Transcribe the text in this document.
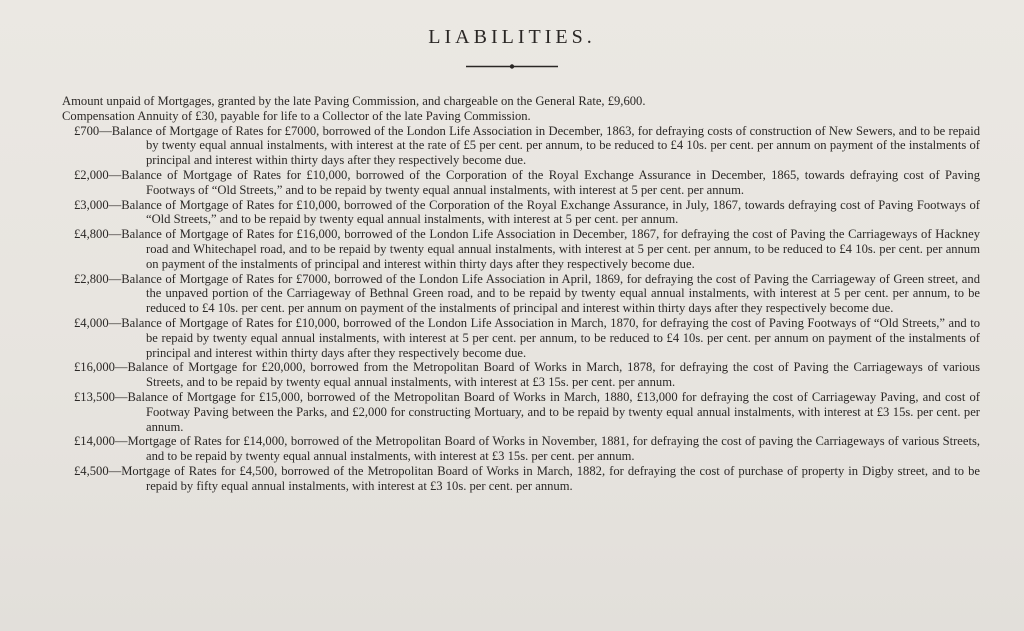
LIABILITIES.

Amount unpaid of Mortgages, granted by the late Paving Commission, and chargeable on the General Rate, £9,600.

Compensation Annuity of £30, payable for life to a Collector of the late Paving Commission.

£700—Balance of Mortgage of Rates for £7000, borrowed of the London Life Association in December, 1863, for defraying costs of construction of New Sewers, and to be repaid by twenty equal annual instalments, with interest at the rate of £5 per cent. per annum, to be reduced to £4 10s. per cent. per annum on payment of the instalments of principal and interest within thirty days after they respectively become due.

£2,000—Balance of Mortgage of Rates for £10,000, borrowed of the Corporation of the Royal Exchange Assurance in December, 1865, towards defraying cost of Paving Footways of “Old Streets,” and to be repaid by twenty equal annual instalments, with interest at 5 per cent. per annum.

£3,000—Balance of Mortgage of Rates for £10,000, borrowed of the Corporation of the Royal Exchange Assurance, in July, 1867, towards defraying cost of Paving Footways of “Old Streets,” and to be repaid by twenty equal annual instalments, with interest at 5 per cent. per annum.

£4,800—Balance of Mortgage of Rates for £16,000, borrowed of the London Life Association in December, 1867, for defraying the cost of Paving the Carriageways of Hackney road and Whitechapel road, and to be repaid by twenty equal annual instalments, with interest at 5 per cent. per annum, to be reduced to £4 10s. per cent. per annum on payment of the instalments of principal and interest within thirty days after they respectively become due.

£2,800—Balance of Mortgage of Rates for £7000, borrowed of the London Life Association in April, 1869, for defraying the cost of Paving the Carriageway of Green street, and the unpaved portion of the Carriageway of Bethnal Green road, and to be repaid by twenty equal annual instalments, with interest at 5 per cent. per annum, to be reduced to £4 10s. per cent. per annum on payment of the instalments of principal and interest within thirty days after they respectively become due.

£4,000—Balance of Mortgage of Rates for £10,000, borrowed of the London Life Association in March, 1870, for defraying the cost of Paving Footways of “Old Streets,” and to be repaid by twenty equal annual instalments, with interest at 5 per cent. per annum, to be reduced to £4 10s. per cent. per annum on payment of the instalments of principal and interest within thirty days after they respectively become due.

£16,000—Balance of Mortgage for £20,000, borrowed from the Metropolitan Board of Works in March, 1878, for defraying the cost of Paving the Carriageways of various Streets, and to be repaid by twenty equal annual instalments, with interest at £3 15s. per cent. per annum.

£13,500—Balance of Mortgage for £15,000, borrowed of the Metropolitan Board of Works in March, 1880, £13,000 for defraying the cost of Carriageway Paving, and cost of Footway Paving between the Parks, and £2,000 for constructing Mortuary, and to be repaid by twenty equal annual instalments, with interest at £3 15s. per cent. per annum.

£14,000—Mortgage of Rates for £14,000, borrowed of the Metropolitan Board of Works in November, 1881, for defraying the cost of paving the Carriageways of various Streets, and to be repaid by twenty equal annual instalments, with interest at £3 15s. per cent. per annum.

£4,500—Mortgage of Rates for £4,500, borrowed of the Metropolitan Board of Works in March, 1882, for defraying the cost of purchase of property in Digby street, and to be repaid by fifty equal annual instalments, with interest at £3 10s. per cent. per annum.
